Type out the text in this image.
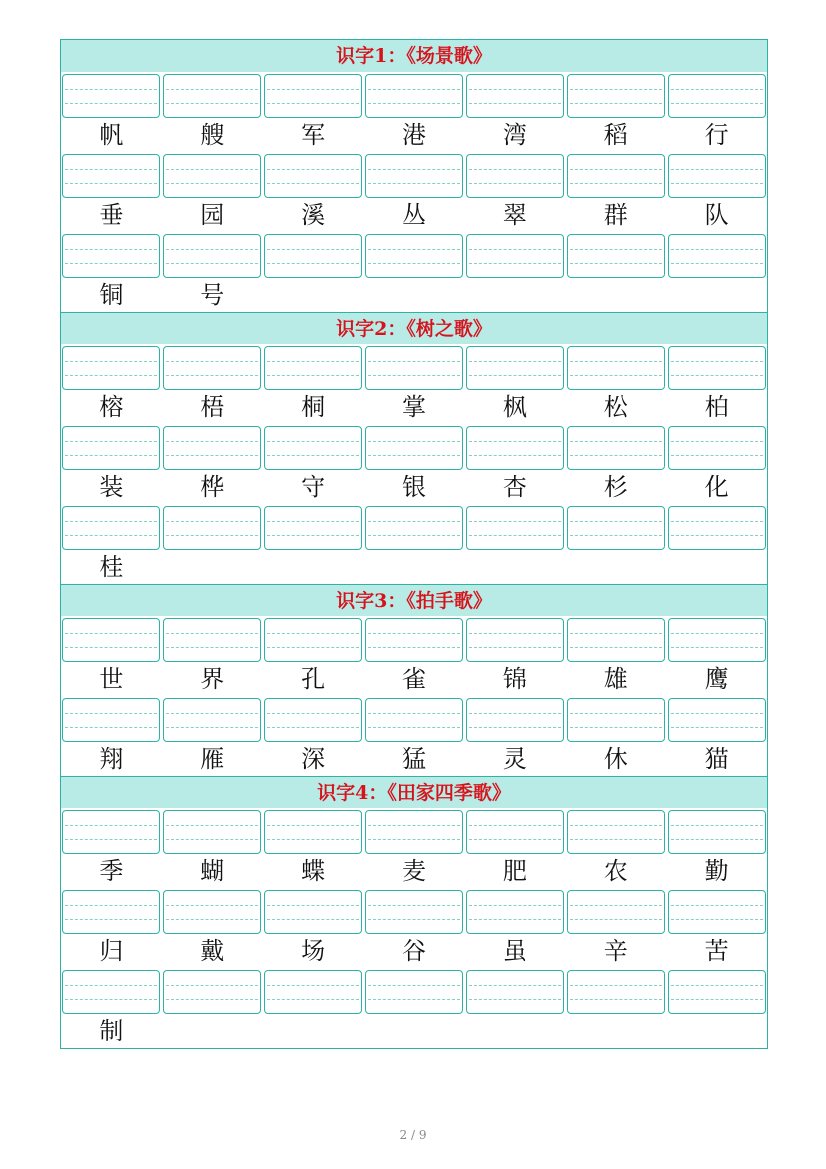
识字1：《场景歌》
帆	艘	军	港	湾	稻	行
垂	园	溪	丛	翠	群	队
铜	号
识字2：《树之歌》
榕	梧	桐	掌	枫	松	柏
装	桦	守	银	杏	杉	化
桂
识字3：《拍手歌》
世	界	孔	雀	锦	雄	鹰
翔	雁	深	猛	灵	休	猫
识字4：《田家四季歌》
季	蝴	蝶	麦	肥	农	勤
归	戴	场	谷	虽	辛	苦
制
2 / 9
